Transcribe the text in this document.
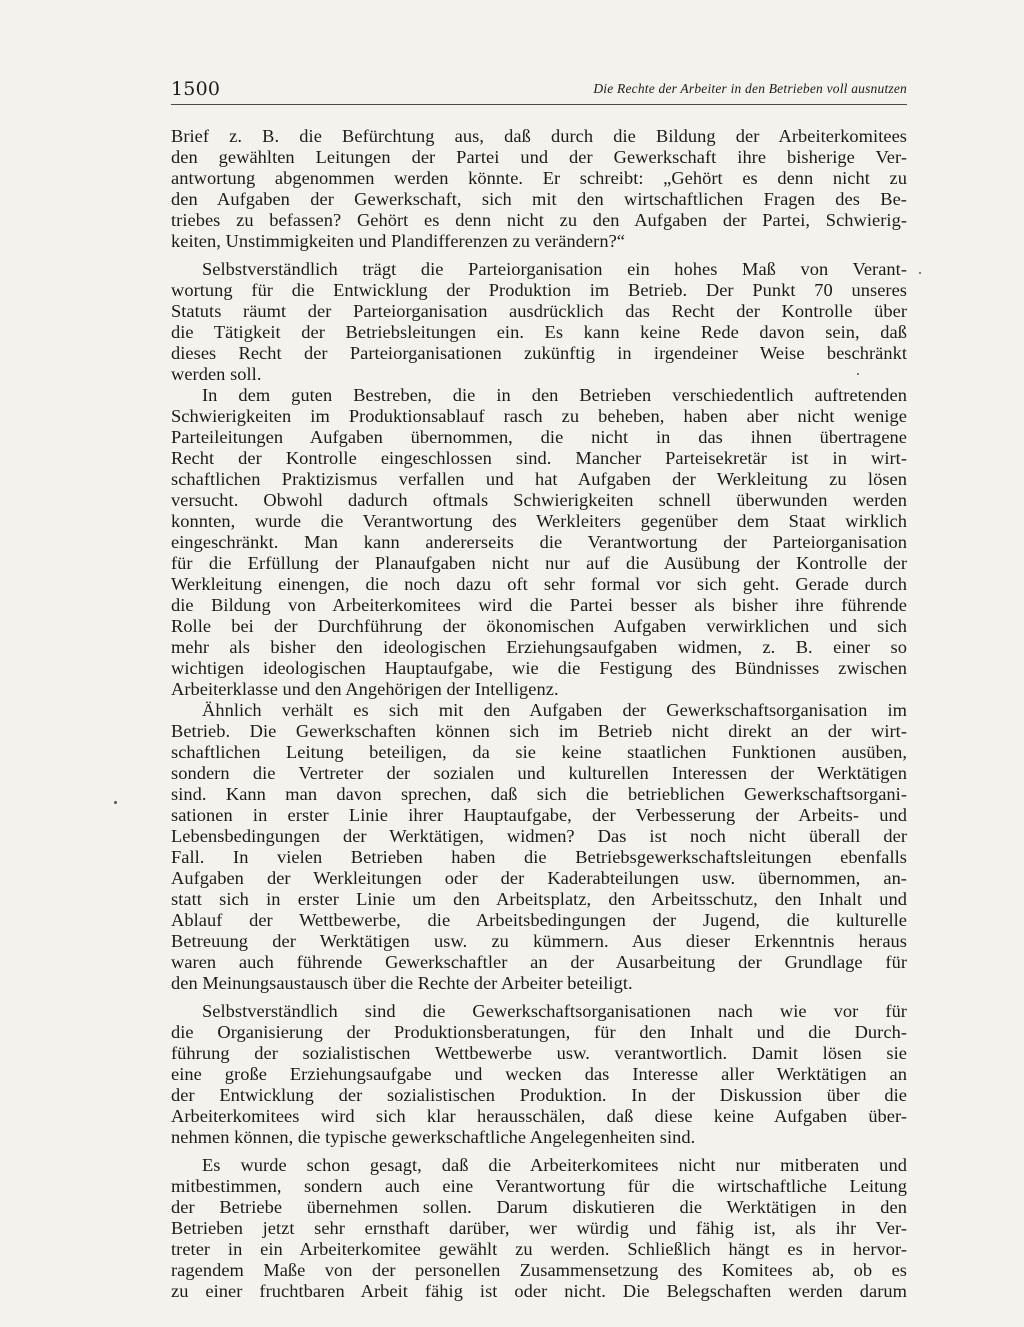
1500	Die Rechte der Arbeiter in den Betrieben voll ausnutzen
Brief z. B. die Befürchtung aus, daß durch die Bildung der Arbeiterkomitees
den gewählten Leitungen der Partei und der Gewerkschaft ihre bisherige Ver-
antwortung abgenommen werden könnte. Er schreibt: „Gehört es denn nicht zu
den Aufgaben der Gewerkschaft, sich mit den wirtschaftlichen Fragen des Be-
triebes zu befassen? Gehört es denn nicht zu den Aufgaben der Partei, Schwierig-
keiten, Unstimmigkeiten und Plandifferenzen zu verändern?“
Selbstverständlich trägt die Parteiorganisation ein hohes Maß von Verant-
wortung für die Entwicklung der Produktion im Betrieb. Der Punkt 70 unseres
Statuts räumt der Parteiorganisation ausdrücklich das Recht der Kontrolle über
die Tätigkeit der Betriebsleitungen ein. Es kann keine Rede davon sein, daß
dieses Recht der Parteiorganisationen zukünftig in irgendeiner Weise beschränkt
werden soll.
In dem guten Bestreben, die in den Betrieben verschiedentlich auftretenden
Schwierigkeiten im Produktionsablauf rasch zu beheben, haben aber nicht wenige
Parteileitungen Aufgaben übernommen, die nicht in das ihnen übertragene
Recht der Kontrolle eingeschlossen sind. Mancher Parteisekretär ist in wirt-
schaftlichen Praktizismus verfallen und hat Aufgaben der Werkleitung zu lösen
versucht. Obwohl dadurch oftmals Schwierigkeiten schnell überwunden werden
konnten, wurde die Verantwortung des Werkleiters gegenüber dem Staat wirklich
eingeschränkt. Man kann andererseits die Verantwortung der Parteiorganisation
für die Erfüllung der Planaufgaben nicht nur auf die Ausübung der Kontrolle der
Werkleitung einengen, die noch dazu oft sehr formal vor sich geht. Gerade durch
die Bildung von Arbeiterkomitees wird die Partei besser als bisher ihre führende
Rolle bei der Durchführung der ökonomischen Aufgaben verwirklichen und sich
mehr als bisher den ideologischen Erziehungsaufgaben widmen, z. B. einer so
wichtigen ideologischen Hauptaufgabe, wie die Festigung des Bündnisses zwischen
Arbeiterklasse und den Angehörigen der Intelligenz.
Ähnlich verhält es sich mit den Aufgaben der Gewerkschaftsorganisation im
Betrieb. Die Gewerkschaften können sich im Betrieb nicht direkt an der wirt-
schaftlichen Leitung beteiligen, da sie keine staatlichen Funktionen ausüben,
sondern die Vertreter der sozialen und kulturellen Interessen der Werktätigen
sind. Kann man davon sprechen, daß sich die betrieblichen Gewerkschaftsorgani-
sationen in erster Linie ihrer Hauptaufgabe, der Verbesserung der Arbeits- und
Lebensbedingungen der Werktätigen, widmen? Das ist noch nicht überall der
Fall. In vielen Betrieben haben die Betriebsgewerkschaftsleitungen ebenfalls
Aufgaben der Werkleitungen oder der Kaderabteilungen usw. übernommen, an-
statt sich in erster Linie um den Arbeitsplatz, den Arbeitsschutz, den Inhalt und
Ablauf der Wettbewerbe, die Arbeitsbedingungen der Jugend, die kulturelle
Betreuung der Werktätigen usw. zu kümmern. Aus dieser Erkenntnis heraus
waren auch führende Gewerkschaftler an der Ausarbeitung der Grundlage für
den Meinungsaustausch über die Rechte der Arbeiter beteiligt.
Selbstverständlich sind die Gewerkschaftsorganisationen nach wie vor für
die Organisierung der Produktionsberatungen, für den Inhalt und die Durch-
führung der sozialistischen Wettbewerbe usw. verantwortlich. Damit lösen sie
eine große Erziehungsaufgabe und wecken das Interesse aller Werktätigen an
der Entwicklung der sozialistischen Produktion. In der Diskussion über die
Arbeiterkomitees wird sich klar herausschälen, daß diese keine Aufgaben über-
nehmen können, die typische gewerkschaftliche Angelegenheiten sind.
Es wurde schon gesagt, daß die Arbeiterkomitees nicht nur mitberaten und
mitbestimmen, sondern auch eine Verantwortung für die wirtschaftliche Leitung
der Betriebe übernehmen sollen. Darum diskutieren die Werktätigen in den
Betrieben jetzt sehr ernsthaft darüber, wer würdig und fähig ist, als ihr Ver-
treter in ein Arbeiterkomitee gewählt zu werden. Schließlich hängt es in hervor-
ragendem Maße von der personellen Zusammensetzung des Komitees ab, ob es
zu einer fruchtbaren Arbeit fähig ist oder nicht. Die Belegschaften werden darum
